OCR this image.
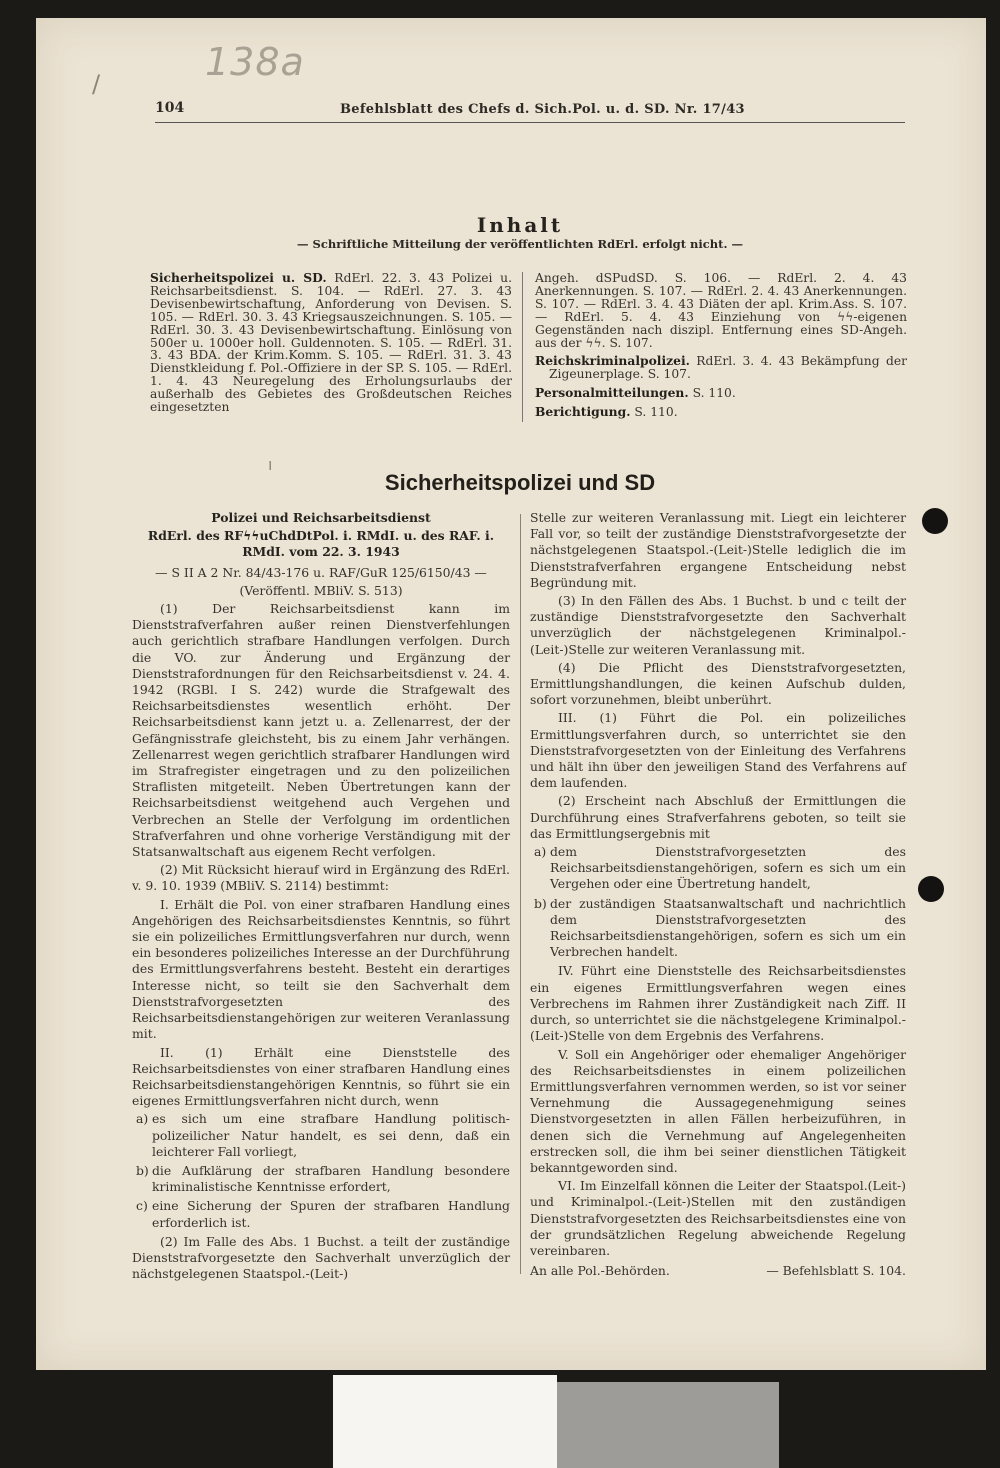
138a
/
104	Befehlsblatt des Chefs d. Sich.Pol. u. d. SD. Nr. 17/43
Inhalt
— Schriftliche Mitteilung der veröffentlichten RdErl. erfolgt nicht. —
Sicherheitspolizei u. SD. RdErl. 22. 3. 43 Polizei u. Reichsarbeitsdienst. S. 104. — RdErl. 27. 3. 43 Devisenbewirtschaftung, Anforderung von Devisen. S. 105. — RdErl. 30. 3. 43 Kriegsauszeichnungen. S. 105. — RdErl. 30. 3. 43 Devisenbewirtschaftung. Einlösung von 500er u. 1000er holl. Guldennoten. S. 105. — RdErl. 31. 3. 43 BDA. der Krim.Komm. S. 105. — RdErl. 31. 3. 43 Dienstkleidung f. Pol.-Offiziere in der SP. S. 105. — RdErl. 1. 4. 43 Neuregelung des Erholungsurlaubs der außerhalb des Gebietes des Großdeutschen Reiches eingesetzten

Angeh. dSPudSD. S. 106. — RdErl. 2. 4. 43 Anerkennungen. S. 107. — RdErl. 2. 4. 43 Anerkennungen. S. 107. — RdErl. 3. 4. 43 Diäten der apl. Krim.Ass. S. 107. — RdErl. 5. 4. 43 Einziehung von ϟϟ-eigenen Gegenständen nach diszipl. Entfernung eines SD-Angeh. aus der ϟϟ. S. 107.

Reichskriminalpolizei. RdErl. 3. 4. 43 Bekämpfung der Zigeunerplage. S. 107.

Personalmitteilungen. S. 110.

Berichtigung. S. 110.

ı
Sicherheitspolizei und SD

Polizei und Reichsarbeitsdienst

RdErl. des RFϟϟuChdDtPol. i. RMdI. u. des RAF. i. RMdI. vom 22. 3. 1943

— S II A 2 Nr. 84/43-176 u. RAF/GuR 125/6150/43 —

(Veröffentl. MBliV. S. 513)

(1) Der Reichsarbeitsdienst kann im Dienststrafverfahren außer reinen Dienstverfehlungen auch gerichtlich strafbare Handlungen verfolgen. Durch die VO. zur Änderung und Ergänzung der Dienststrafordnungen für den Reichsarbeitsdienst v. 24. 4. 1942 (RGBl. I S. 242) wurde die Strafgewalt des Reichsarbeitsdienstes wesentlich erhöht. Der Reichsarbeitsdienst kann jetzt u. a. Zellenarrest, der der Gefängnisstrafe gleichsteht, bis zu einem Jahr verhängen. Zellenarrest wegen gerichtlich strafbarer Handlungen wird im Strafregister eingetragen und zu den polizeilichen Straflisten mitgeteilt. Neben Übertretungen kann der Reichsarbeitsdienst weitgehend auch Vergehen und Verbrechen an Stelle der Verfolgung im ordentlichen Strafverfahren und ohne vorherige Verständigung mit der Statsanwaltschaft aus eigenem Recht verfolgen.

(2) Mit Rücksicht hierauf wird in Ergänzung des RdErl. v. 9. 10. 1939 (MBliV. S. 2114) bestimmt:

I. Erhält die Pol. von einer strafbaren Handlung eines Angehörigen des Reichsarbeitsdienstes Kenntnis, so führt sie ein polizeiliches Ermittlungsverfahren nur durch, wenn ein besonderes polizeiliches Interesse an der Durchführung des Ermittlungsverfahrens besteht. Besteht ein derartiges Interesse nicht, so teilt sie den Sachverhalt dem Dienststrafvorgesetzten des Reichsarbeitsdienstangehörigen zur weiteren Veranlassung mit.

II. (1) Erhält eine Dienststelle des Reichsarbeitsdienstes von einer strafbaren Handlung eines Reichsarbeitsdienstangehörigen Kenntnis, so führt sie ein eigenes Ermittlungsverfahren nicht durch, wenn

a) es sich um eine strafbare Handlung politisch-polizeilicher Natur handelt, es sei denn, daß ein leichterer Fall vorliegt,
b) die Aufklärung der strafbaren Handlung besondere kriminalistische Kenntnisse erfordert,
c) eine Sicherung der Spuren der strafbaren Handlung erforderlich ist.

(2) Im Falle des Abs. 1 Buchst. a teilt der zuständige Dienststrafvorgesetzte den Sachverhalt unverzüglich der nächstgelegenen Staatspol.-(Leit-)

Stelle zur weiteren Veranlassung mit. Liegt ein leichterer Fall vor, so teilt der zuständige Dienststrafvorgesetzte der nächstgelegenen Staatspol.-(Leit-)Stelle lediglich die im Dienststrafverfahren ergangene Entscheidung nebst Begründung mit.

(3) In den Fällen des Abs. 1 Buchst. b und c teilt der zuständige Dienststrafvorgesetzte den Sachverhalt unverzüglich der nächstgelegenen Kriminalpol.-(Leit-)Stelle zur weiteren Veranlassung mit.

(4) Die Pflicht des Dienststrafvorgesetzten, Ermittlungshandlungen, die keinen Aufschub dulden, sofort vorzunehmen, bleibt unberührt.

III. (1) Führt die Pol. ein polizeiliches Ermittlungsverfahren durch, so unterrichtet sie den Dienststrafvorgesetzten von der Einleitung des Verfahrens und hält ihn über den jeweiligen Stand des Verfahrens auf dem laufenden.

(2) Erscheint nach Abschluß der Ermittlungen die Durchführung eines Strafverfahrens geboten, so teilt sie das Ermittlungsergebnis mit

a) dem Dienststrafvorgesetzten des Reichsarbeitsdienstangehörigen, sofern es sich um ein Vergehen oder eine Übertretung handelt,
b) der zuständigen Staatsanwaltschaft und nachrichtlich dem Dienststrafvorgesetzten des Reichsarbeitsdienstangehörigen, sofern es sich um ein Verbrechen handelt.

IV. Führt eine Dienststelle des Reichsarbeitsdienstes ein eigenes Ermittlungsverfahren wegen eines Verbrechens im Rahmen ihrer Zuständigkeit nach Ziff. II durch, so unterrichtet sie die nächstgelegene Kriminalpol.-(Leit-)Stelle von dem Ergebnis des Verfahrens.

V. Soll ein Angehöriger oder ehemaliger Angehöriger des Reichsarbeitsdienstes in einem polizeilichen Ermittlungsverfahren vernommen werden, so ist vor seiner Vernehmung die Aussagegenehmigung seines Dienstvorgesetzten in allen Fällen herbeizuführen, in denen sich die Vernehmung auf Angelegenheiten erstrecken soll, die ihm bei seiner dienstlichen Tätigkeit bekanntgeworden sind.

VI. Im Einzelfall können die Leiter der Staatspol.(Leit-) und Kriminalpol.-(Leit-)Stellen mit den zuständigen Dienststrafvorgesetzten des Reichsarbeitsdienstes eine von der grundsätzlichen Regelung abweichende Regelung vereinbaren.

An alle Pol.-Behörden.	— Befehlsblatt S. 104.
